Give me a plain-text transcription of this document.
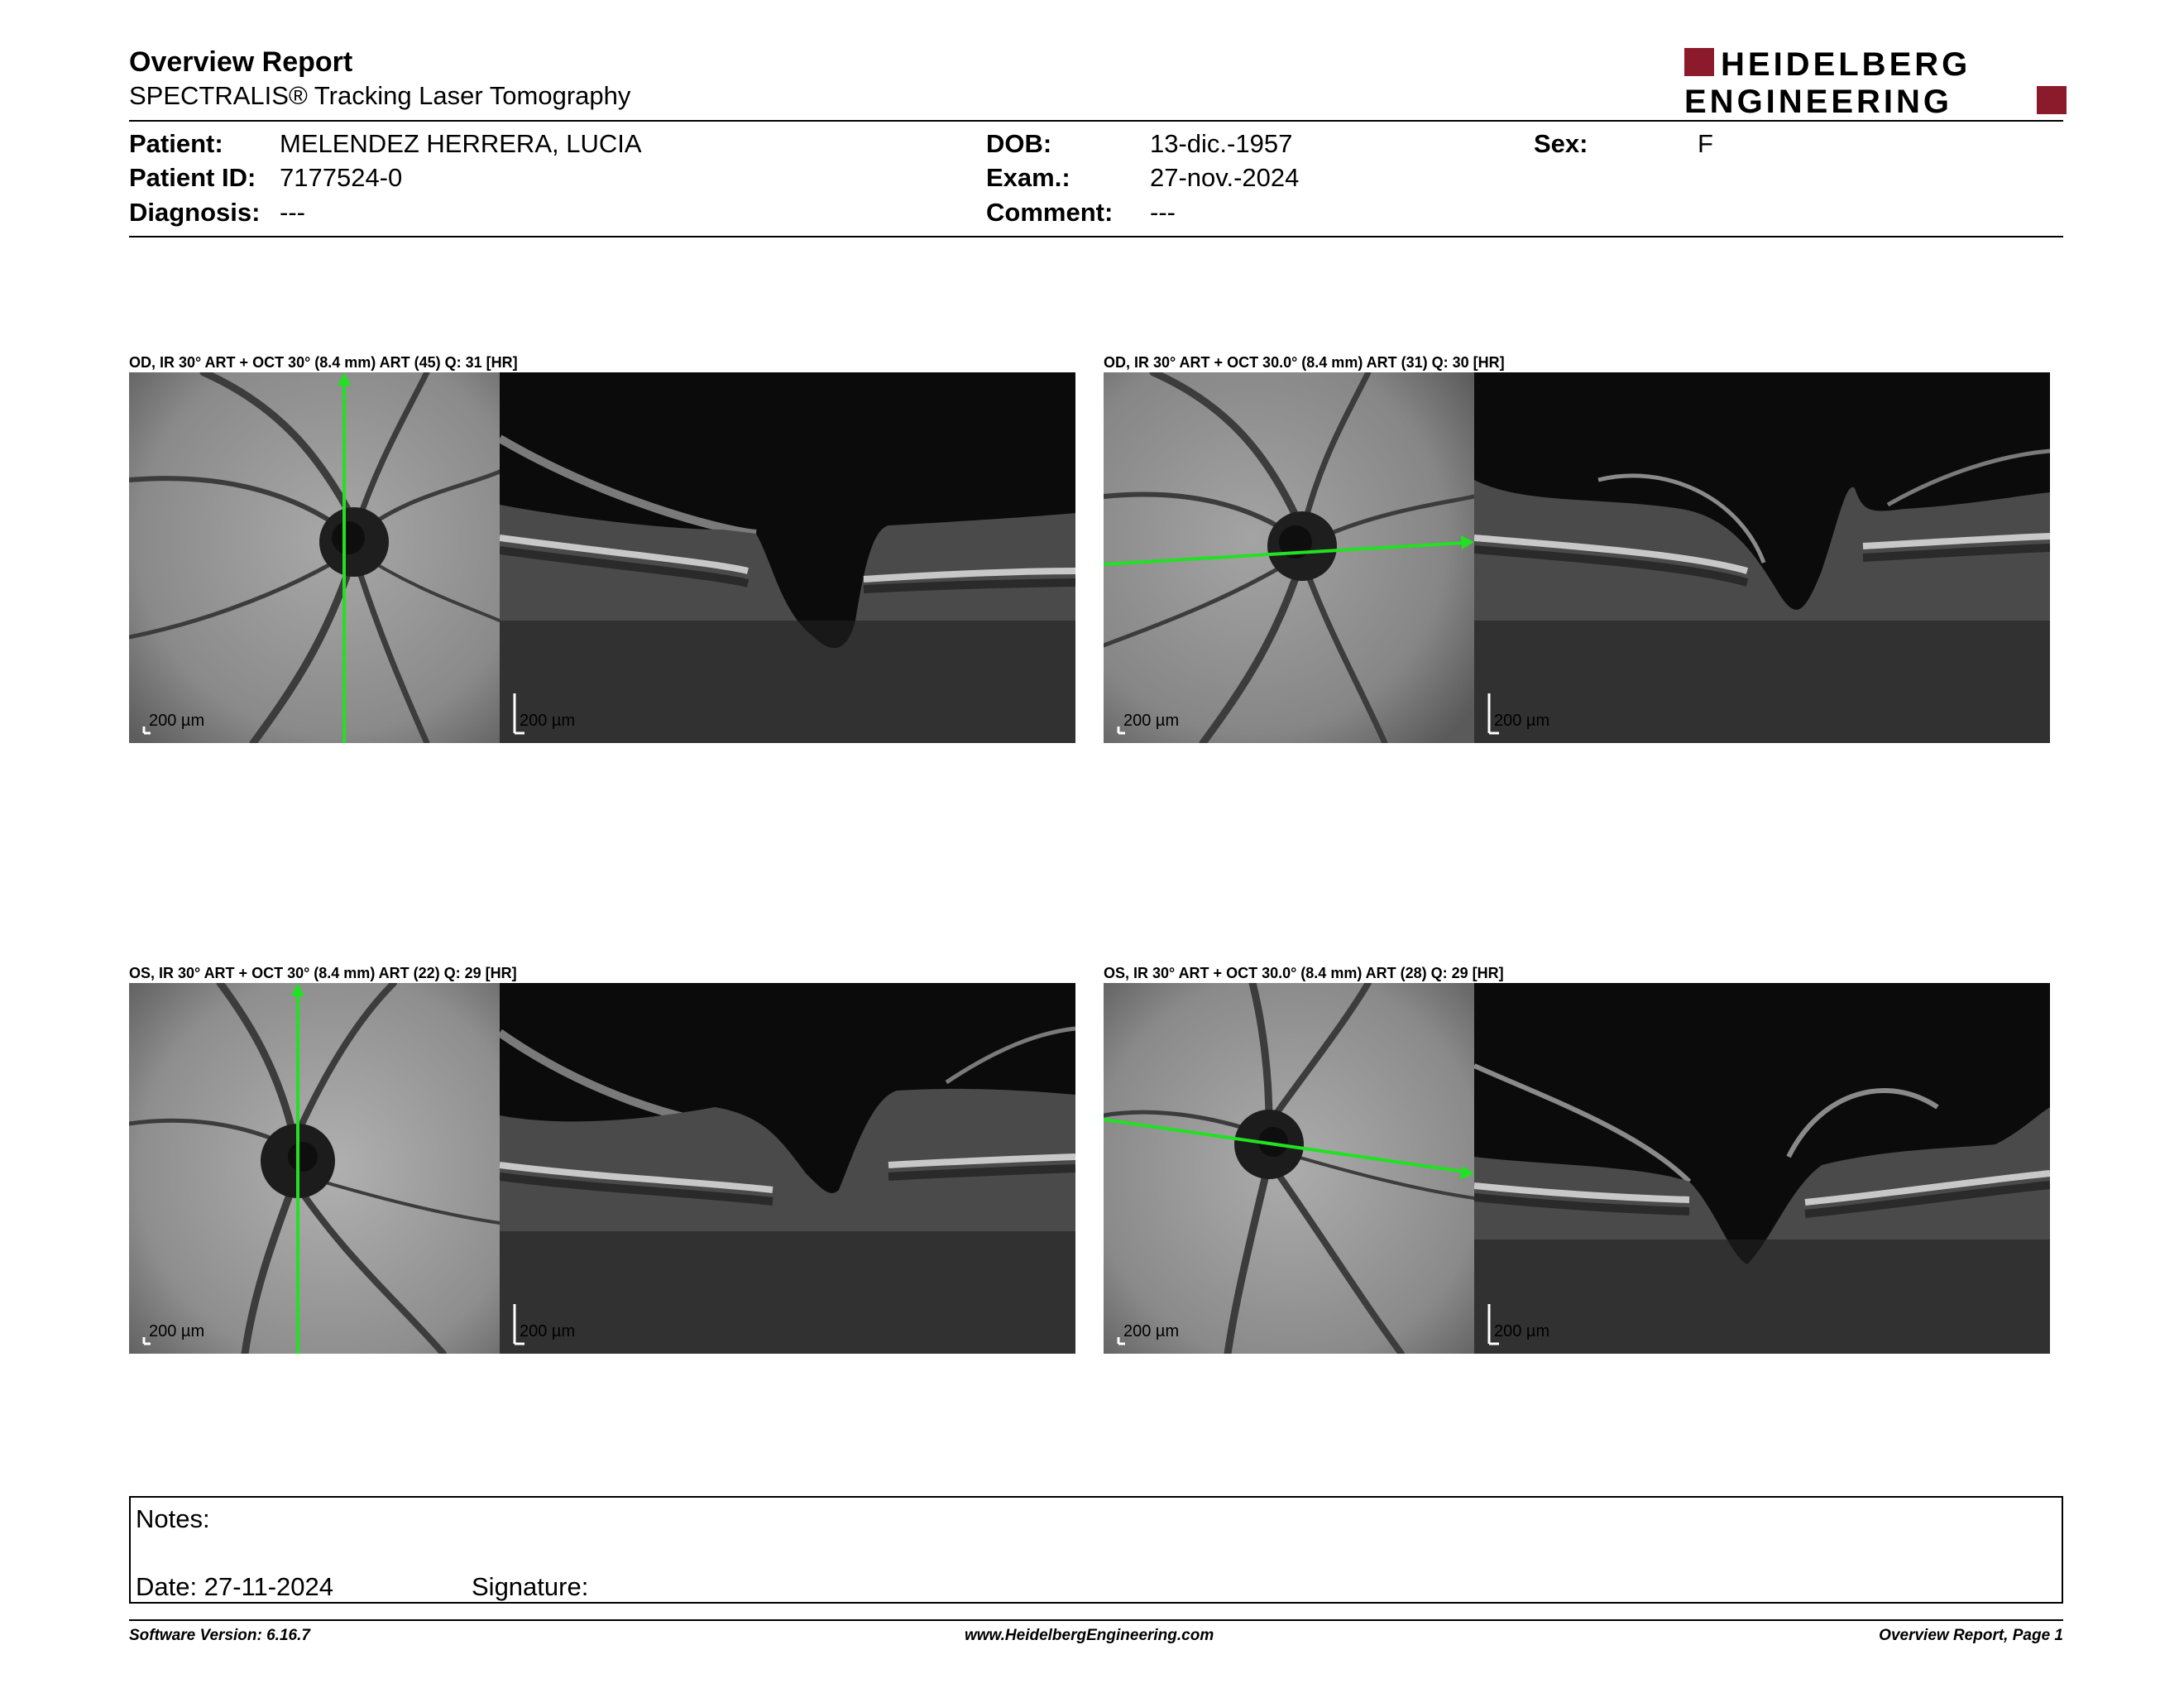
Overview Report
SPECTRALIS® Tracking Laser Tomography
HEIDELBERG
ENGINEERING
Patient: MELENDEZ HERRERA, LUCIA
Patient ID: 7177524-0
Diagnosis: ---
DOB:	13-dic.-1957
Exam.:	27-nov.-2024
Comment: ---
Sex:	F
OD, IR 30° ART + OCT 30° (8.4 mm) ART (45) Q: 31 [HR]
200 µm	200 µm
OD, IR 30° ART + OCT 30.0° (8.4 mm) ART (31) Q: 30 [HR]
200 µm	200 µm
OS, IR 30° ART + OCT 30° (8.4 mm) ART (22) Q: 29 [HR]
200 µm	200 µm
OS, IR 30° ART + OCT 30.0° (8.4 mm) ART (28) Q: 29 [HR]
200 µm	200 µm
Notes:
Date: 27-11-2024	Signature:
Software Version: 6.16.7	www.HeidelbergEngineering.com	Overview Report, Page 1
